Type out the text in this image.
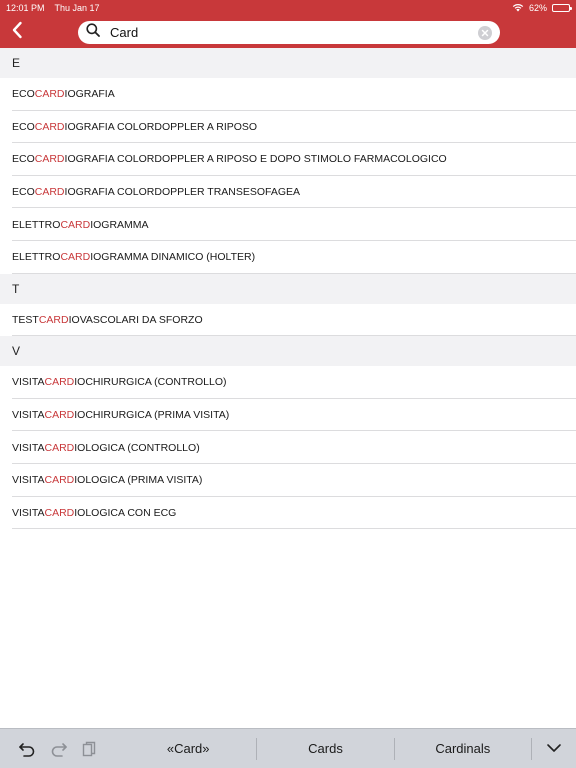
12:01 PM Thu Jan 17	62%
Card
E
ECO CARD IOGRAFIA
ECO CARD IOGRAFIA COLORDOPPLER A RIPOSO
ECO CARD IOGRAFIA COLORDOPPLER A RIPOSO E DOPO STIMOLO FARMACOLOGICO
ECO CARD IOGRAFIA COLORDOPPLER TRANSESOFAGEA
ELETTRO CARD IOGRAMMA
ELETTRO CARD IOGRAMMA DINAMICO (HOLTER)
T
TEST CARD IOVASCOLARI DA SFORZO
V
VISITA CARD IOCHIRURGICA (CONTROLLO)
VISITA CARD IOCHIRURGICA (PRIMA VISITA)
VISITA CARD IOLOGICA (CONTROLLO)
VISITA CARD IOLOGICA (PRIMA VISITA)
VISITA CARD IOLOGICA CON ECG
«Card»	Cards	Cardinals
